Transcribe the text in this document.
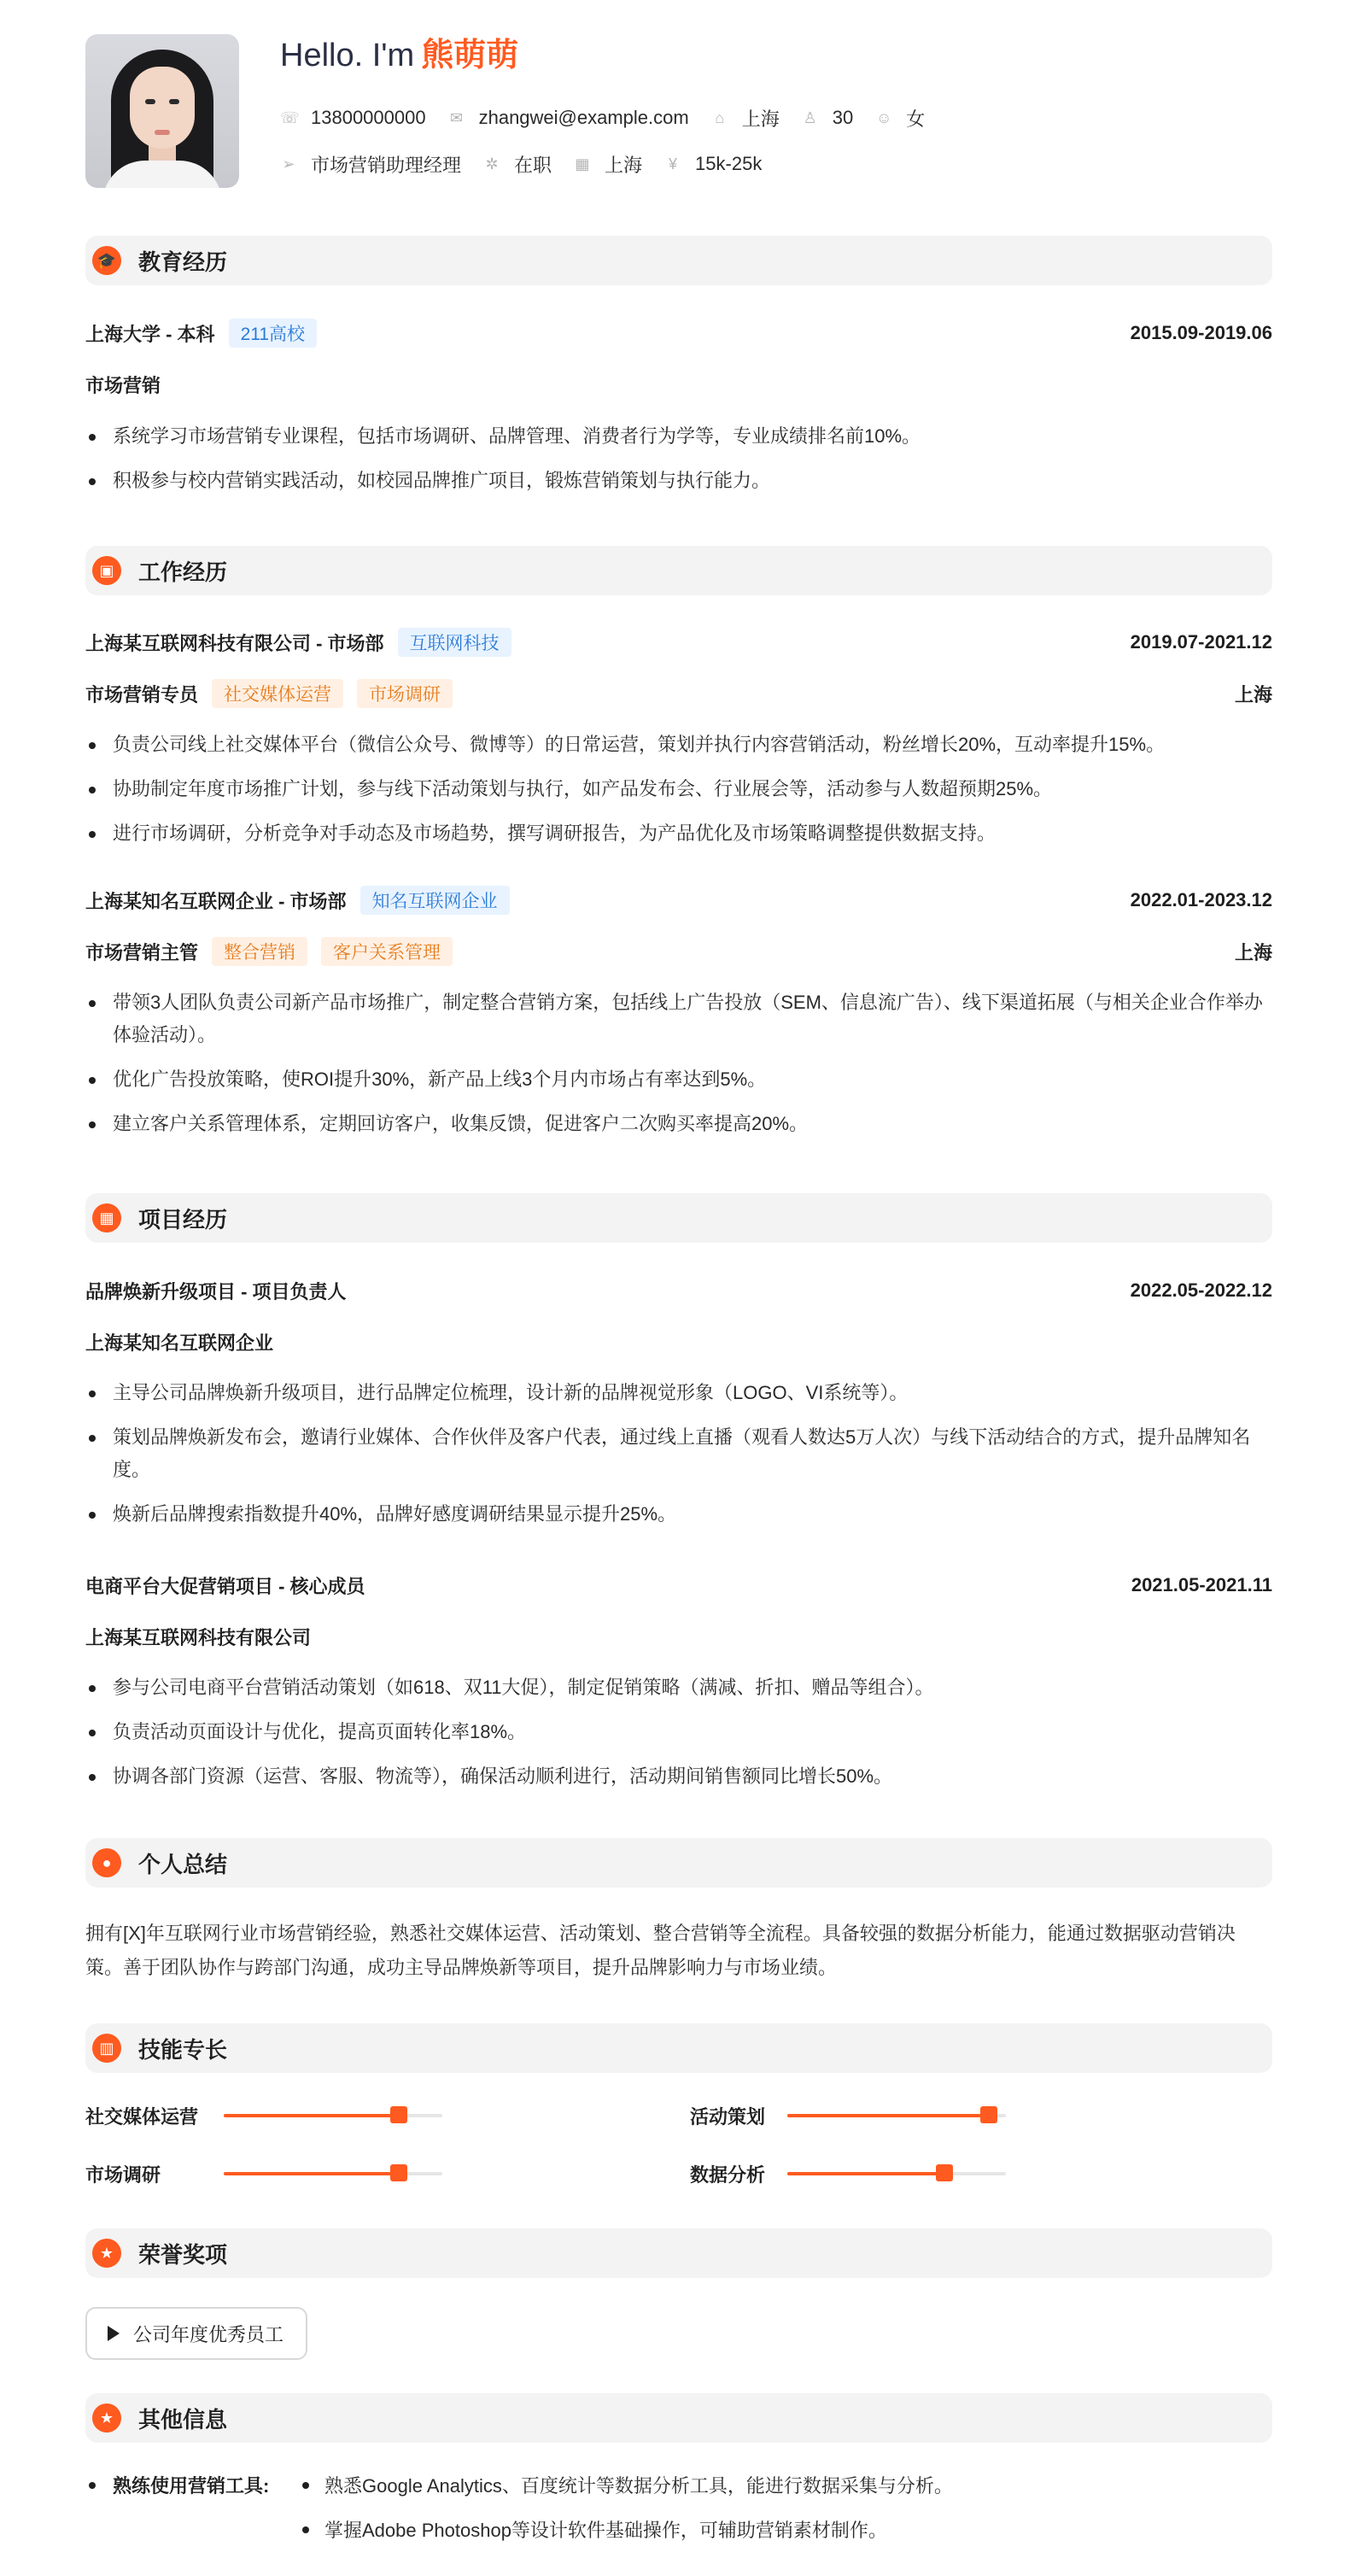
Hello. I'm 熊萌萌
☏ 13800000000 ✉ zhangwei@example.com ⌂ 上海 ♙ 30 ☺ 女
➢ 市场营销助理经理 ✲ 在职 ▦ 上海 ¥ 15k-25k
🎓 教育经历
上海大学 - 本科	211高校	2015.09-2019.06
市场营销
系统学习市场营销专业课程，包括市场调研、品牌管理、消费者行为学等，专业成绩排名前10%。
积极参与校内营销实践活动，如校园品牌推广项目，锻炼营销策划与执行能力。
▣	工作经历
上海某互联网科技有限公司 - 市场部	互联网科技	2019.07-2021.12
市场营销专员	社交媒体运营	市场调研	上海
负责公司线上社交媒体平台（微信公众号、微博等）的日常运营，策划并执行内容营销活动，粉丝增长20%，互动率提升15%。
协助制定年度市场推广计划，参与线下活动策划与执行，如产品发布会、行业展会等，活动参与人数超预期25%。
进行市场调研，分析竞争对手动态及市场趋势，撰写调研报告，为产品优化及市场策略调整提供数据支持。
上海某知名互联网企业 - 市场部	知名互联网企业	2022.01-2023.12
市场营销主管	整合营销	客户关系管理	上海
带领3人团队负责公司新产品市场推广，制定整合营销方案，包括线上广告投放（SEM、信息流广告）、线下渠道拓展（与相关企业合作举办体验活动）。
优化广告投放策略，使ROI提升30%，新产品上线3个月内市场占有率达到5%。
建立客户关系管理体系，定期回访客户，收集反馈，促进客户二次购买率提高20%。
▦	项目经历
品牌焕新升级项目 - 项目负责人	2022.05-2022.12
上海某知名互联网企业
主导公司品牌焕新升级项目，进行品牌定位梳理，设计新的品牌视觉形象（LOGO、VI系统等）。
策划品牌焕新发布会，邀请行业媒体、合作伙伴及客户代表，通过线上直播（观看人数达5万人次）与线下活动结合的方式，提升品牌知名度。
焕新后品牌搜索指数提升40%，品牌好感度调研结果显示提升25%。
电商平台大促营销项目 - 核心成员	2021.05-2021.11
上海某互联网科技有限公司
参与公司电商平台营销活动策划（如618、双11大促），制定促销策略（满减、折扣、赠品等组合）。
负责活动页面设计与优化，提高页面转化率18%。
协调各部门资源（运营、客服、物流等），确保活动顺利进行，活动期间销售额同比增长50%。
●	个人总结
拥有[X]年互联网行业市场营销经验，熟悉社交媒体运营、活动策划、整合营销等全流程。具备较强的数据分析能力，能通过数据驱动营销决策。善于团队协作与跨部门沟通，成功主导品牌焕新等项目，提升品牌影响力与市场业绩。
▥	技能专长
社交媒体运营	活动策划
市场调研	数据分析
★	荣誉奖项
公司年度优秀员工
★	其他信息
熟练使用营销工具:	熟悉Google Analytics、百度统计等数据分析工具，能进行数据采集与分析。
掌握Adobe Photoshop等设计软件基础操作，可辅助营销素材制作。
